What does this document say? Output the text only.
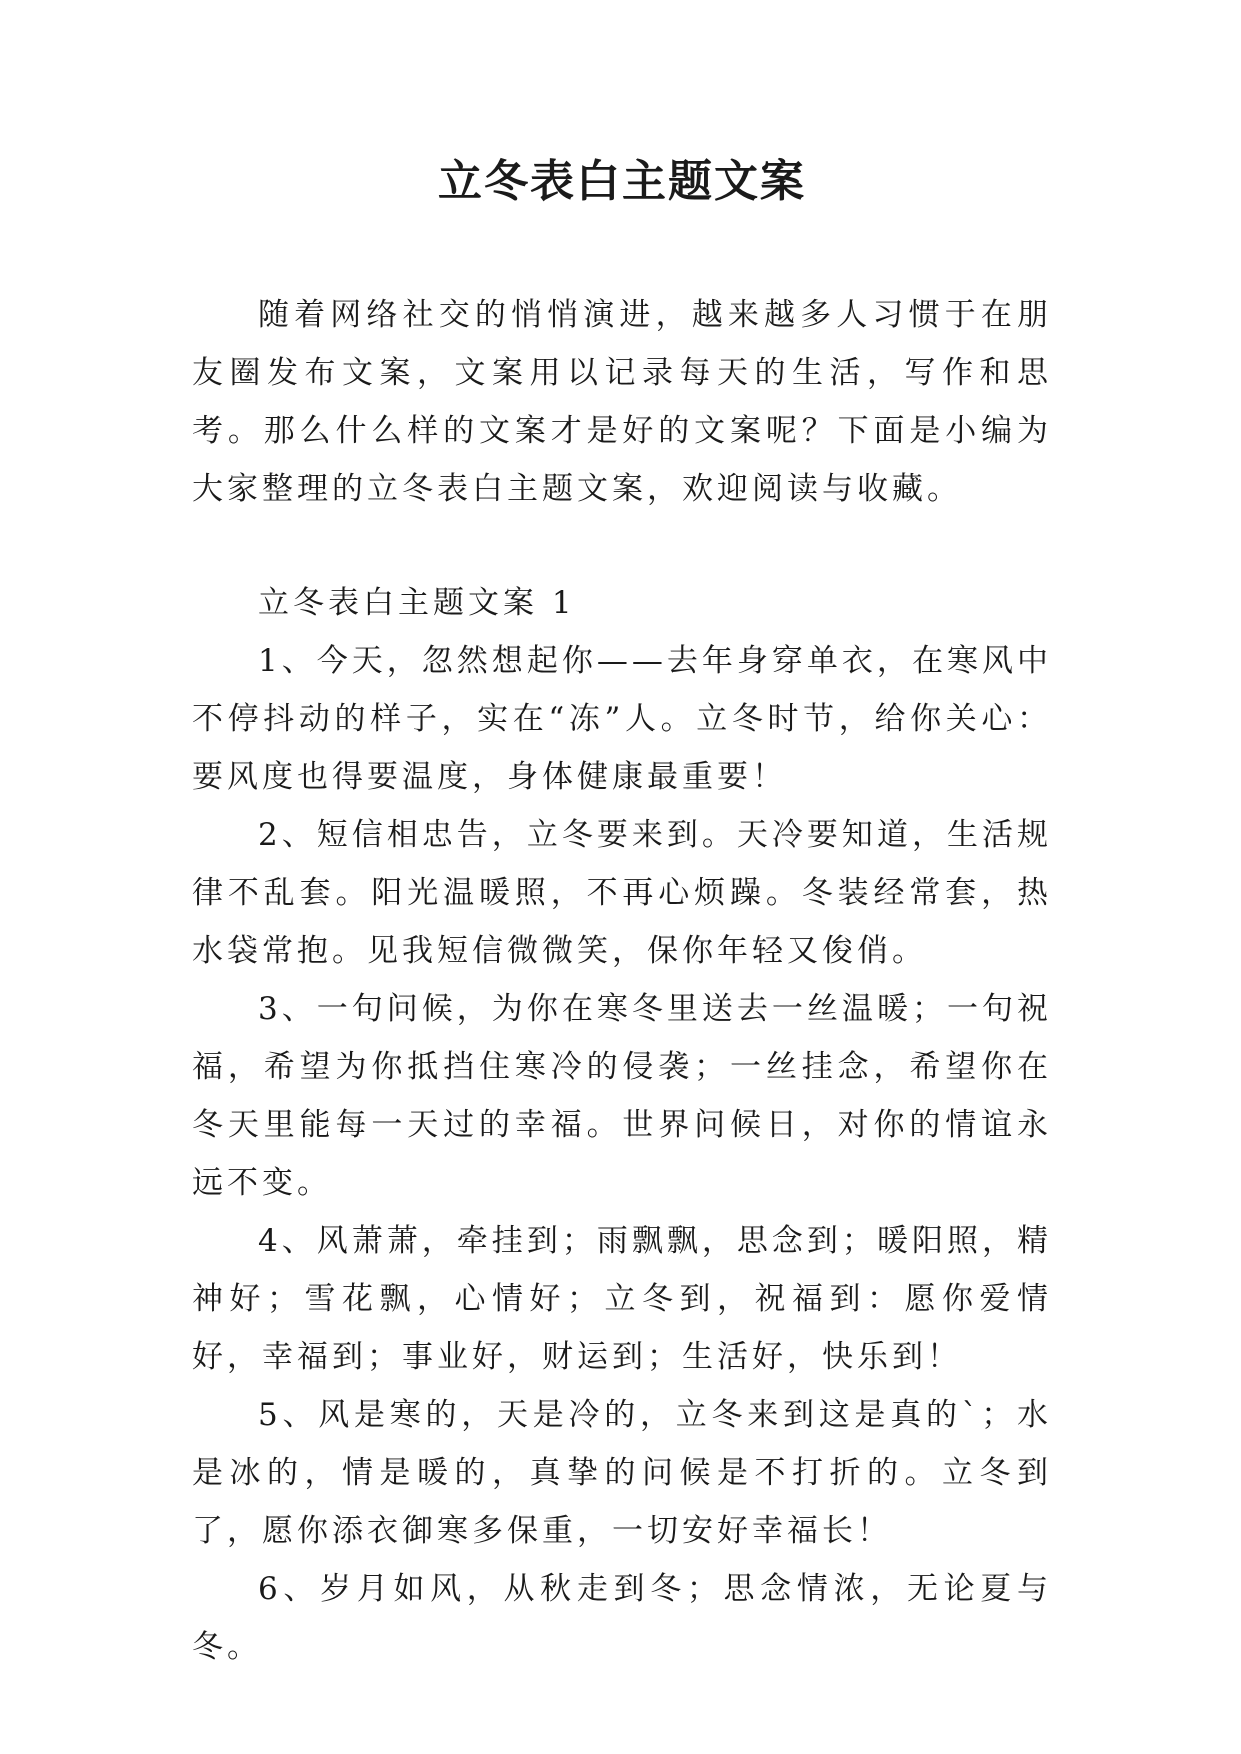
立冬表白主题文案

随着网络社交的悄悄演进，越来越多人习惯于在朋友圈发布文案，文案用以记录每天的生活，写作和思考。那么什么样的文案才是好的文案呢？下面是小编为大家整理的立冬表白主题文案，欢迎阅读与收藏。

立冬表白主题文案 1

1、今天，忽然想起你——去年身穿单衣，在寒风中不停抖动的样子，实在“冻”人。立冬时节，给你关心：要风度也得要温度，身体健康最重要！

2、短信相忠告，立冬要来到。天冷要知道，生活规律不乱套。阳光温暖照，不再心烦躁。冬装经常套，热水袋常抱。见我短信微微笑，保你年轻又俊俏。

3、一句问候，为你在寒冬里送去一丝温暖；一句祝福，希望为你抵挡住寒冷的侵袭；一丝挂念，希望你在冬天里能每一天过的幸福。世界问候日，对你的情谊永远不变。

4、风萧萧，牵挂到；雨飘飘，思念到；暖阳照，精神好；雪花飘，心情好；立冬到，祝福到：愿你爱情好，幸福到；事业好，财运到；生活好，快乐到！

5、风是寒的，天是冷的，立冬来到这是真的`；水是冰的，情是暖的，真挚的问候是不打折的。立冬到了，愿你添衣御寒多保重，一切安好幸福长！

6、岁月如风，从秋走到冬；思念情浓，无论夏与冬。
